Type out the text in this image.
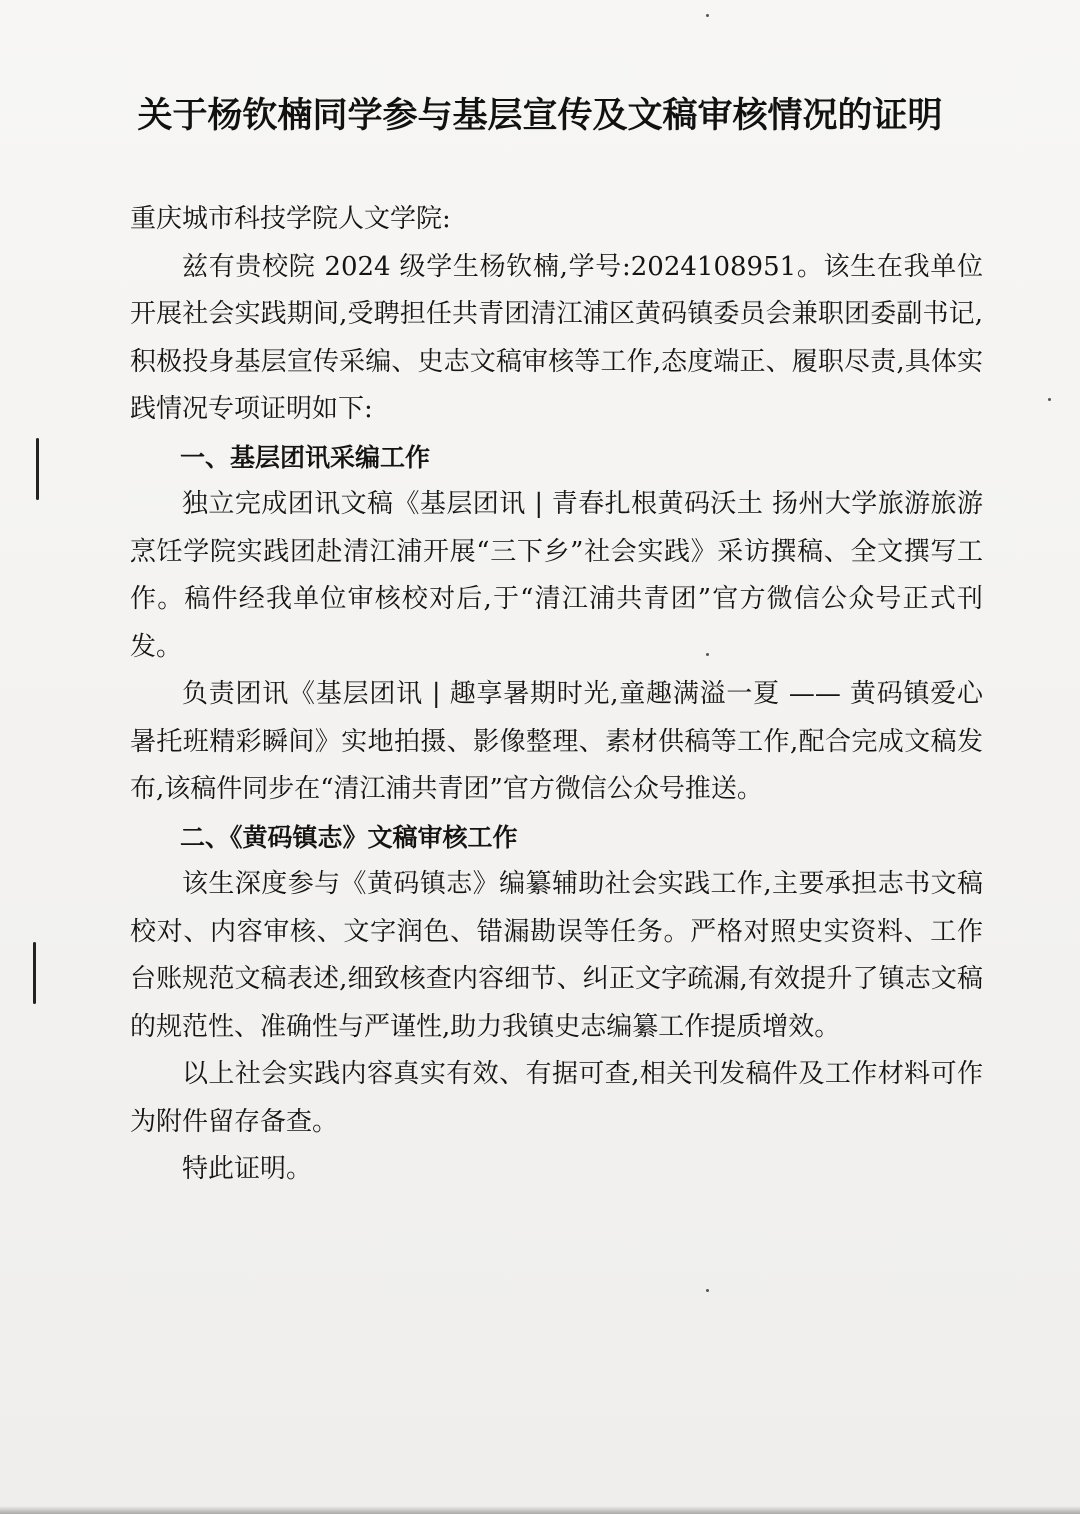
关于杨钦楠同学参与基层宣传及文稿审核情况的证明

重庆城市科技学院人文学院:

兹有贵校院 2024 级学生杨钦楠,学号:2024108951。该生在我单位开展社会实践期间,受聘担任共青团清江浦区黄码镇委员会兼职团委副书记,积极投身基层宣传采编、史志文稿审核等工作,态度端正、履职尽责,具体实践情况专项证明如下:

一、基层团讯采编工作

独立完成团讯文稿《基层团讯 | 青春扎根黄码沃土 扬州大学旅游旅游烹饪学院实践团赴清江浦开展“三下乡”社会实践》采访撰稿、全文撰写工作。稿件经我单位审核校对后,于“清江浦共青团”官方微信公众号正式刊发。

负责团讯《基层团讯 | 趣享暑期时光,童趣满溢一夏 —— 黄码镇爱心暑托班精彩瞬间》实地拍摄、影像整理、素材供稿等工作,配合完成文稿发布,该稿件同步在“清江浦共青团”官方微信公众号推送。

二、《黄码镇志》文稿审核工作

该生深度参与《黄码镇志》编纂辅助社会实践工作,主要承担志书文稿校对、内容审核、文字润色、错漏勘误等任务。严格对照史实资料、工作台账规范文稿表述,细致核查内容细节、纠正文字疏漏,有效提升了镇志文稿的规范性、准确性与严谨性,助力我镇史志编纂工作提质增效。

以上社会实践内容真实有效、有据可查,相关刊发稿件及工作材料可作为附件留存备查。

特此证明。
